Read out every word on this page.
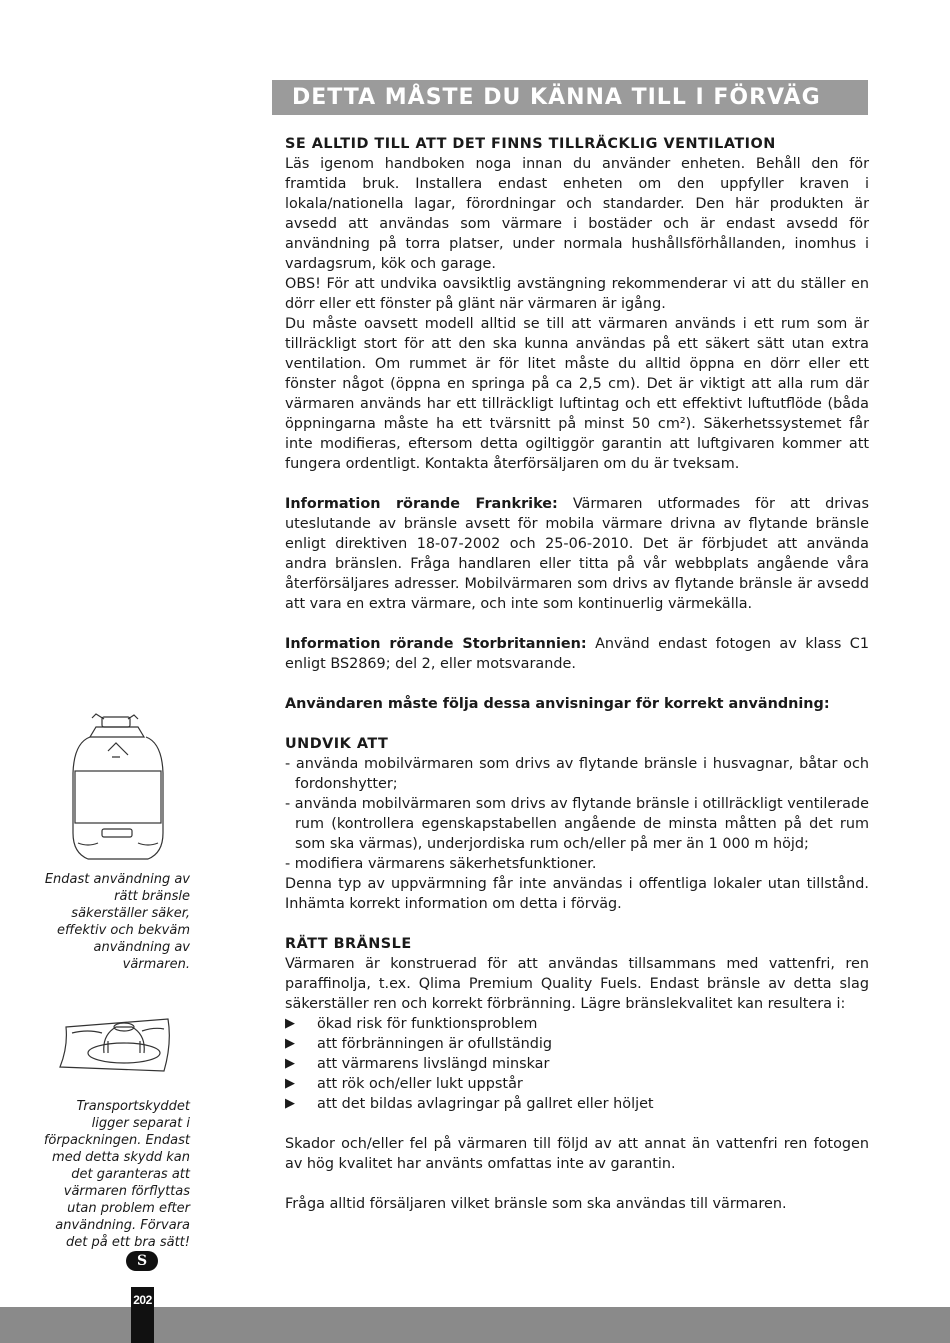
DETTA MÅSTE DU KÄNNA TILL I FÖRVÄG

SE ALLTID TILL ATT DET FINNS TILLRÄCKLIG VENTILATION

Läs igenom handboken noga innan du använder enheten. Behåll den för framtida bruk. Installera endast enheten om den uppfyller kraven i lokala/nationella lagar, förordningar och standarder. Den här produkten är avsedd att användas som värmare i bostäder och är endast avsedd för användning på torra platser, under normala hushållsförhållanden, inomhus i vardagsrum, kök och garage.

OBS! För att undvika oavsiktlig avstängning rekommenderar vi att du ställer en dörr eller ett fönster på glänt när värmaren är igång.

Du måste oavsett modell alltid se till att värmaren används i ett rum som är tillräckligt stort för att den ska kunna användas på ett säkert sätt utan extra ventilation. Om rummet är för litet måste du alltid öppna en dörr eller ett fönster något (öppna en springa på ca 2,5 cm). Det är viktigt att alla rum där värmaren används har ett tillräckligt luftintag och ett effektivt luftutflöde (båda öppningarna måste ha ett tvärsnitt på minst 50 cm²). Säkerhetssystemet får inte modifieras, eftersom detta ogiltiggör garantin att luftgivaren kommer att fungera ordentligt. Kontakta återförsäljaren om du är tveksam.

Information rörande Frankrike: Värmaren utformades för att drivas uteslutande av bränsle avsett för mobila värmare drivna av flytande bränsle enligt direktiven 18-07-2002 och 25-06-2010. Det är förbjudet att använda andra bränslen. Fråga handlaren eller titta på vår webbplats angående våra återförsäljares adresser. Mobilvärmaren som drivs av flytande bränsle är avsedd att vara en extra värmare, och inte som kontinuerlig värmekälla.

Information rörande Storbritannien: Använd endast fotogen av klass C1 enligt BS2869; del 2, eller motsvarande.

Användaren måste följa dessa anvisningar för korrekt användning:

UNDVIK ATT

- använda mobilvärmaren som drivs av flytande bränsle i husvagnar, båtar och fordonshytter;

- använda mobilvärmaren som drivs av flytande bränsle i otillräckligt ventilerade rum (kontrollera egenskapstabellen angående de minsta måtten på det rum som ska värmas), underjordiska rum och/eller på mer än 1 000 m höjd;

- modifiera värmarens säkerhetsfunktioner.

Denna typ av uppvärmning får inte användas i offentliga lokaler utan tillstånd. Inhämta korrekt information om detta i förväg.

RÄTT BRÄNSLE

Värmaren är konstruerad för att användas tillsammans med vattenfri, ren paraffinolja, t.ex. Qlima Premium Quality Fuels. Endast bränsle av detta slag säkerställer ren och korrekt förbränning. Lägre bränslekvalitet kan resultera i:

▶	ökad risk för funktionsproblem
▶	att förbränningen är ofullständig
▶	att värmarens livslängd minskar
▶	att rök och/eller lukt uppstår
▶	att det bildas avlagringar på gallret eller höljet

Skador och/eller fel på värmaren till följd av att annat än vattenfri ren fotogen av hög kvalitet har använts omfattas inte av garantin.

Fråga alltid försäljaren vilket bränsle som ska användas till värmaren.

Endast användning av rätt bränsle säkerställer säker, effektiv och bekväm användning av värmaren.
Transportskyddet ligger separat i förpackningen. Endast med detta skydd kan det garanteras att värmaren förflyttas utan problem efter användning. Förvara det på ett bra sätt!
S
202
